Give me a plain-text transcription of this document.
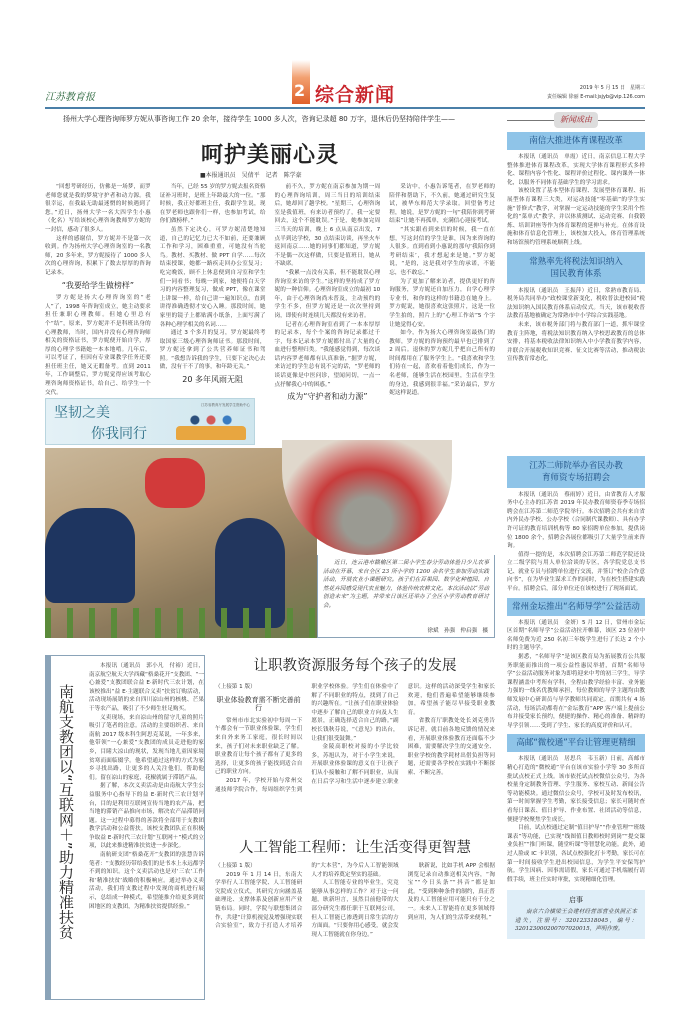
江苏教育报	2 综合新闻	2019 年 5 月 15 日　星期三
责任编辑 徐丽 E-mail:jsjyb@vip.126.com
扬州大学心理咨询师罗方妮从事咨询工作 20 余年，接待学生 1000 多人次，咨询记录超 80 万字，退休后仍坚持陪伴学生——
呵护美丽心灵
■本报通讯员　吴倩平　记者　陈学豪

“回想考研经历，仿佛是一场梦，而罗老师您就是我的梦境守护者和动力源。我很幸运，在我最无助最迷惘的时候遇到了您。”近日，扬州大学一名大四学生小惠（化名）写给该校心理咨询教师罗方妮的一封信，感动了很多人。

这样的感谢信，罗方妮并不是第一次收到。作为扬州大学心理咨询室的一名教师，20 多年来，罗方妮接待了 1000 多人次的心理咨询，积累下了数去厚厚的咨询记录本。

“我要给学生做榜样”

罗方妮是扬大心理咨询室的“老人”了，1998 年咨询室成立，她主动要求担任兼职心理教师。但她心里总有个“结”，原来，罗方妮并不是科班出身的心理教师，当时，国内并没有心理咨询师相关的资格证书，罗方妮便开始自学，厚厚的心理学书籍她一本本地啃。几年后，可以考证了，但因有专业课教学任务还要担任班主任，她又无暇备考。直到 2011 年，工作调整后，罗方妮觉得应该考取心理咨询师资格证书，给自己、给学生一个交代。

当年，已经 55 岁的罗方妮去报名资格证补习班时，是班上年龄最大的一位。“那时候，我正好都班主任，我跟学生说，现在罗老师也跟你们一样，也参加考试，给你们做榜样。”

虽然下定决心，可罗方妮清楚地知道，自己的记忆力已大不如前，还要兼顾工作和学习，困难重重，可她没有当驼鸟。教材、买教材、做 PPT 自学……每次结束授课，她都一路疾走回办公室复习；吃完晚饭，顾不上休息便到自习室和学生们一同看书；每晚一到家，她便将白天学习的内容整理复习，做成 PPT，像在课堂上讲课一样，给自己讲一遍知识点，直到讲得准确透彻才安心入睡。那段时间，她家里的镜子上都贴满小纸条，上面写满了各种心理学相关的名词……

通过 3 个多月的复习，罗方妮最终考取国家三级心理咨询师证书。那段时间，罗方妮还拿到了公共营养师证书和驾照。“我想告诉我的学生，只要下定决心去做，没有干不了的事，和年龄无关。”

20 多年风雨无阻

前不久，罗方妮在南京参加为期一周的心理咨询培训，周三当日的培训结束后，她却回了趟学校。“星期三，心理咨询室是我值班，有来访者预约了，我一定要回去，这个不能耽误。”于是，她参加完周三当天的培训，晚上 6 点从南京出发，7 点半到达学校，30 点结束访谈，再坐火车返回南京……她的同事们都知道，罗方妮不是偶一次这样做，只要是值班日，她从不缺席。

“我累一点没有关系，但不能耽误心理咨询室来访的学生。”这样的坚持成了罗方妮的一种信仰。心理咨询室成立的最初 10 年，由于心理咨询尚未普及，主动预约的学生不多，但罗方妮还是一次次坚持到岗，即使有时连续几天都没有来访者。

记者在心理咨询室看到了一本本厚厚的记录本，每个个案的咨询记录都过千字，每本记录本罗方妮都付出了大量的心血进行整理归类。“我能感觉得到，每次谈话内容罗老师都有认真准备，”据罗方妮，来访过的学生总有说不完的话，“罗老师的谈话更像是中医问诊，望闻问切，一点一点抒解我心中的困惑。”

成为“守护者和动力源”

采访中，小惠告诉笔者，在罗老师的陪伴和帮助下，不久前，她通过研究生复试，被华东师范大学录取。回望备考过程，她说，是罗方妮的一句“我陪你到考研结束”让她不再孤单，充满信心迎接考试。

“其实跟看到来信的时候，我一直在想，写这封信的学生是谁，因为来咨询的人很多。直到看到小惠说的那句‘我陪你到考研结束’，我才想起来是她。”罗方妮说，“是的，这是我对学生的承诺，不能忘，也不敢忘。”

为了更加了解来访者，提供更好的咨询服务，罗方妮还自加压力，自学心理学专业书，和你的这样的书籍总在她身上。罗方妮说，她很喜欢这张照片，这是一位学生拍的，照片上的“心理工作站”5 个字让她觉得心安。

如今，作为扬大心理咨询室最热门的教师，罗方妮的咨询预约最早也已排到了 2 周后。退休的罗方妮几乎把自己所有的时间都用在了服务学生上。“我喜欢和学生们待在一起，喜欢看着他们成长，作为一名老师，能够生活在校园里，生活在学生的身边，我感到很幸福。”采访最后，罗方妮这样说道。

坚韧之美
你我同行
江苏省教育厅发展学生资助中心
近日，连云港市赣榆区第二届小学生春分劳动体验日少儿农事活动在开幕，来自全区 23 所小学的 1200 余名学生参加劳动实践活动，开展农业小课题研究。孩子们在百果园、数学化种植园、自然花卉园感受现代农业魅力，体验传统农耕文化。本次活动以“劳动创造未来”为主题，并带来日该区还举办了全区小学劳动教育研讨会。
徐斌　孙强　仲启强　摄
南航支教团以“互联网＋”助力精准扶贫

本报讯（通讯员　郭小凡　付裕）近日，南京航空航天大学西藏“格桑花开”支教团、“一心兼爱”支教团联合益 E·新时代三农计划，在该校推出“益 E·主题联合义卖”扶贫订购活动，活动现场展销的来自四川凉山州的核桃、芒果干等农产品，吸引了不少师生驻足购买。

义卖现场，来自凉山州的留守儿童的照片吸引了笔者的注意。活动的主要组织者、来自南航 2017 级本科生阿思克某说，一年多来，他带领“一心兼爱”支教团的成员走进他的家乡，目睹大凉山的现状，发现当地儿童因家境贫寒而面临辍学。他希望通过这样的方式为家乡寻找出路，让更多的人关注他们，帮助他们。留在凉山的家庭，花椒就属于滞销产品。

据了解，本次义卖活动是由南航大学生公益服务中心指导下的益 E·新时代三农计划平台，目的是利用互联网宣传当地的农产品，把当地的滞销产品推向市场，解决农产品滞销问题。这一过程中募得的善款将全部用于支教团教学活动和公益帮扶。该校支教团队正在积极争取益 E·新时代三农计划“互联网＋”模式的立项，以此来推进精准扶贫进一步深化。

南航研支团“格桑花开”支教团的张慧告诉笔者：“支教经历带给我们的是书本上永远都学不到的知识。这个义卖活动也是对‘三农’工作和‘精准扶贫’战略的积极响应。通过举办义卖活动，我们将支教过程中发现的商机进行展示，总结成一种模式，希望能推介给更多到贫困地区的支教团，为精准扶贫提供经验。”

让职教资源服务每个孩子的发展

（上接第 1 版）

职业体验教育需不断完善前行

常州市市北实验初中每周一下午都会有一节职业体验课，学生们来自外来务工家庭，很长时间以来，孩子们对未来职业缺乏了解。职业教育让每个孩子都有了更多的选择，让更多的孩子能找到适合自己的职业方向。

2017 年，学校开始与常州交通技师学院合作，每周组织学生到职业学校体验。学生们在体验中了解了不同职业的特点，找到了自己的兴趣所在。“让孩子们在职业体验中逐步了解自己的职业方向及人生愿景，正确选择适合自己的路。”副校长钱秋芬说，“《意见》的出台，让我们很受鼓舞。”

金陵高职校对接的小学比较多，苏旭认为，对于小学生来说，开展职业体验课的意义在于让孩子们从小接触和了解不同职业，从而在日后学习和生活中逐步建立职业意识。这样的活动深受学生和家长欢迎，他们普遍希望能够继续参加，希望孩子能尽早接受职业教育。

省教育厅职教处处长刘克勇告诉记者，就目前各地反馈的情况来看，开展职业体验教育还面临不少困难，需要解决学生的交通安全、职业学校的教学耗材出借负担等问题，还需要各学校在实践中不断探索、不断完善。

人工智能工程师：让生活变得更智慧

（上接第 1 版）

2019 年 1 月 14 日，东南大学举行人工智能学院、人工智能研究院成立仪式，其研究方向涵盖基础理论、支撑体系及创新应用产业链布局。同时，学院与联想集团合作，共建“计算机视觉及增强现实联合实验室”，致力于打造人才培养的“大本营”，为今后人工智能领域人才的培养奠定坚实的基础。

人工智能专业的毕业生，究竟能够从事怎样的工作？对于这一问题，耿新坦言，虽然目前他带的大部分研究生都任职于互联网公司，但人工智能已渗透到日常生活的方方面面。“只要你用心感受，就会发现人工智能就在你身边。”

耿新说，比如手机 APP 会根据浏览记录自动推送相关内容，“淘宝”“今日头条”“抖音”都是如此。“受到种种条件的制约，真正普及的人工智能应用可能只有千分之一。未来人工智能将在更多领域得到应用，为人们的生活带来便利。”

新闻成由
南信大推进体育课程改革

本报讯（通讯员　单霞）近日，南京信息工程大学整体推进体育课程改革，实现大学体育课程形式多样化、课程内容个性化、课程评价过程化、课内课外一体化，以服务不同体育基础学生的学习需求。

该校设置了基本型体育课程、发展型体育课程、拓展型体育课程三大类，对运动技能“零基础”的学生实施“普修式”教学，对掌握一定运动技能的学生采用个性化的“菜单式”教学，并以体质测试、运动竞赛、自我锻炼、培训讲座等作为体育课程的延伸与补充。在体育设施和体育信息化管理上，该校加大投入，体育管理系统和场馆预约管理系统顺利上线。

常熟率先将税法知识纳入国民教育体系

本报讯（通讯员　王振萍）近日，常熟市教育局、税务局共同举办“政校课堂新变化，税收普法进校园”税法知识纳入国民教育体系启动仪式。当天，该市税收普法教育基地被确定为常熟市中小学综合实践基地。

未来，该市税务部门将与教育部门一道，抓牢课堂教育主阵地，将税法知识教育纳入学校思政教育的总体安排，将基本税收法律知识纳入中小学教育教学内容，并联合开展税收知识竞赛、征文比赛等活动，推动税法宣传教育常态化。

江苏二师院举办省民办教育师资专场招聘会

本报讯（通讯员　蔡雨婷）近日，由省教育人才服务中心主办的江苏省 2019 年民办教育师资春季专场招聘会在江苏第二师范学院举行。本次招聘会共有来自省内外民办学校、公办学校（合同制代课教师）、具有办学许可证的教育培训机构等 80 家招聘单位参加，提供岗位 1800 余个，招聘会各展位都吸引了大量学生前来咨询。

值得一提的是，本次招聘会江苏第二师范学院还设立二级学院与用人单位洽谈的专区，各学院党总支书记、就业专员与招聘单位进行交流，并签订“校企合作意向书”，在为毕业生谋求工作的同时，为在校生搭建实践平台。招聘会后，部分单位还在该校进行了现场面试。

常州金坛推出“名师导学”公益活动

本报讯（通讯员　金妍）5 月 12 日，常州市金坛区首期“名师导学”公益活动拉开帷幕，该区 23 位初中名师免费为近 250 名初三年级学生进行了长达 2 个小时的主题导学。

据悉，“名师导学”是该区教育局为拓展教育公共服务职能而推出的一项公益性惠民举措，首期“名师导学”公益活动服务对象为即将迎来中考的初三学生，导学课程涵盖中考所有学科，全程由教学经验丰富、业务能力强的一线名优教师承担，每位教师的导学主题均由教师发展中心研训员与导学教师共同商定。首期共有 4 场活动，每场活动都将在“金坛教育”APP 客户端上提前公布并接受家长预约，便捷的操作、精心的准备、精辟的导学引领……受到了学生、家长的高度评价和认可。

高邮“微校通”平台让管理更精细

本报讯（通讯员　居思兵　韦玉新）日前，高邮市精心打造的“微校通”平台在该市实验小学等 30 多所首批试点校正式上线。该市依托试点校微信公众号，为各校量身定制教务管理、学生服务、家校互动、新闻公告等功能模块。通过微信公众号，学校可及时发布校讯，第一时间掌握学生考勤，家长接受信息；家长可随时查看每日课表、值日护导、作业布置、社团活动等信息，便捷学校聚焦学生成长。

目前，试点校通过定制“值日护导”“作业管理”“班级课表”等功能，已实现“线图值日教师校时到岗”“提交课业负担”“推门听课，随堂听课”等智慧化功能。此外，通过人脸或 IC 卡识别，各试点校强化打卡考勤，家长可在第一时间接收学生进出校园信息，为学生平安保驾护航。学生因病、因事需请假，家长可通过手机端履行请假手续，班主任实时审批，实现精细化管理。

启事
南京六合横梁王会建材经营部营业执照正本遗失，注册号：320123318045，编号：320123000200707020015，声明作废。
